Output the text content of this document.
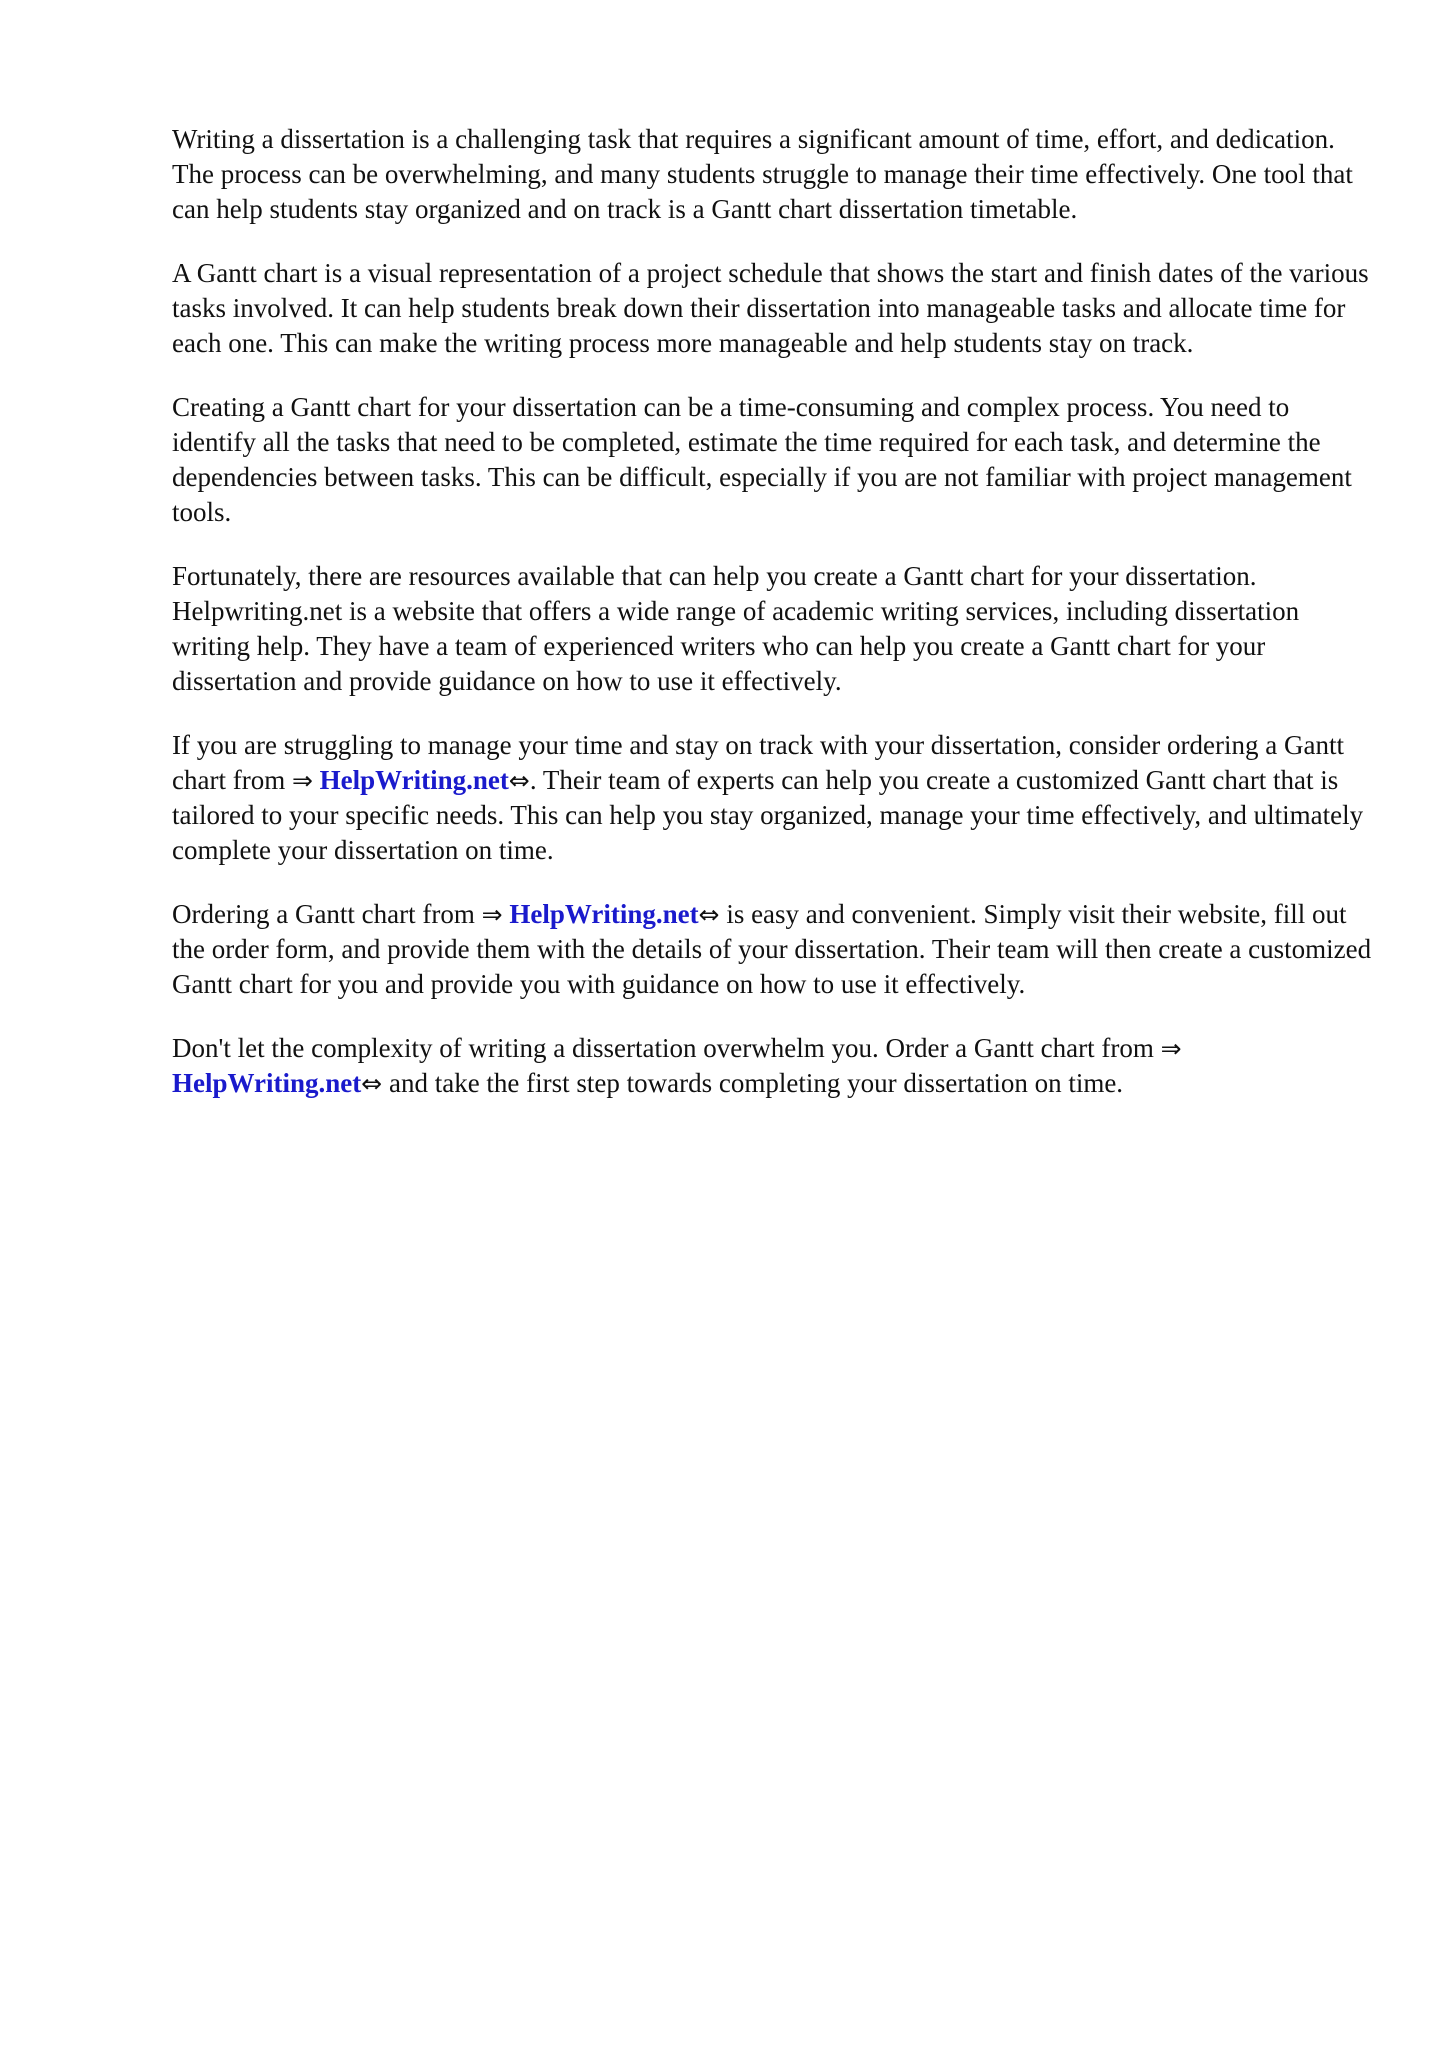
Writing a dissertation is a challenging task that requires a significant amount of time, effort, and dedication. The process can be overwhelming, and many students struggle to manage their time effectively. One tool that can help students stay organized and on track is a Gantt chart dissertation timetable.

A Gantt chart is a visual representation of a project schedule that shows the start and finish dates of the various tasks involved. It can help students break down their dissertation into manageable tasks and allocate time for each one. This can make the writing process more manageable and help students stay on track.

Creating a Gantt chart for your dissertation can be a time-consuming and complex process. You need to identify all the tasks that need to be completed, estimate the time required for each task, and determine the dependencies between tasks. This can be difficult, especially if you are not familiar with project management tools.

Fortunately, there are resources available that can help you create a Gantt chart for your dissertation. Helpwriting.net is a website that offers a wide range of academic writing services, including dissertation writing help. They have a team of experienced writers who can help you create a Gantt chart for your dissertation and provide guidance on how to use it effectively.

If you are struggling to manage your time and stay on track with your dissertation, consider ordering a Gantt chart from ⇒ HelpWriting.net⇔. Their team of experts can help you create a customized Gantt chart that is tailored to your specific needs. This can help you stay organized, manage your time effectively, and ultimately complete your dissertation on time.

Ordering a Gantt chart from ⇒ HelpWriting.net⇔ is easy and convenient. Simply visit their website, fill out the order form, and provide them with the details of your dissertation. Their team will then create a customized Gantt chart for you and provide you with guidance on how to use it effectively.

Don't let the complexity of writing a dissertation overwhelm you. Order a Gantt chart from ⇒ HelpWriting.net⇔ and take the first step towards completing your dissertation on time.
